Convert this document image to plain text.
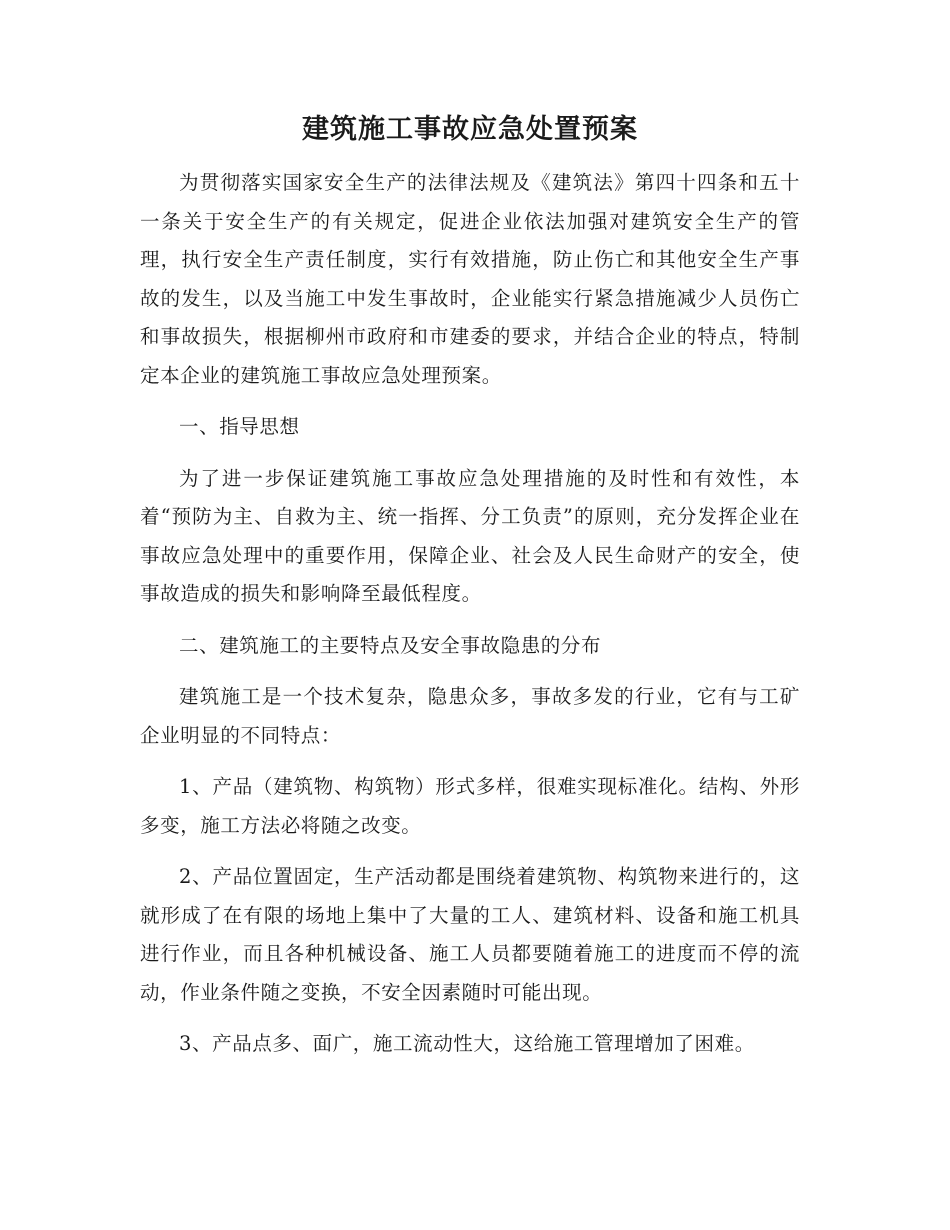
建筑施工事故应急处置预案

为贯彻落实国家安全生产的法律法规及《建筑法》第四十四条和五十一条关于安全生产的有关规定，促进企业依法加强对建筑安全生产的管理，执行安全生产责任制度，实行有效措施，防止伤亡和其他安全生产事故的发生，以及当施工中发生事故时，企业能实行紧急措施减少人员伤亡和事故损失，根据柳州市政府和市建委的要求，并结合企业的特点，特制定本企业的建筑施工事故应急处理预案。

一、指导思想

为了进一步保证建筑施工事故应急处理措施的及时性和有效性，本着“预防为主、自救为主、统一指挥、分工负责”的原则，充分发挥企业在事故应急处理中的重要作用，保障企业、社会及人民生命财产的安全，使事故造成的损失和影响降至最低程度。

二、建筑施工的主要特点及安全事故隐患的分布

建筑施工是一个技术复杂，隐患众多，事故多发的行业，它有与工矿企业明显的不同特点：

1、产品（建筑物、构筑物）形式多样，很难实现标准化。结构、外形多变，施工方法必将随之改变。

2、产品位置固定，生产活动都是围绕着建筑物、构筑物来进行的，这就形成了在有限的场地上集中了大量的工人、建筑材料、设备和施工机具进行作业，而且各种机械设备、施工人员都要随着施工的进度而不停的流动，作业条件随之变换，不安全因素随时可能出现。

3、产品点多、面广，施工流动性大，这给施工管理增加了困难。
